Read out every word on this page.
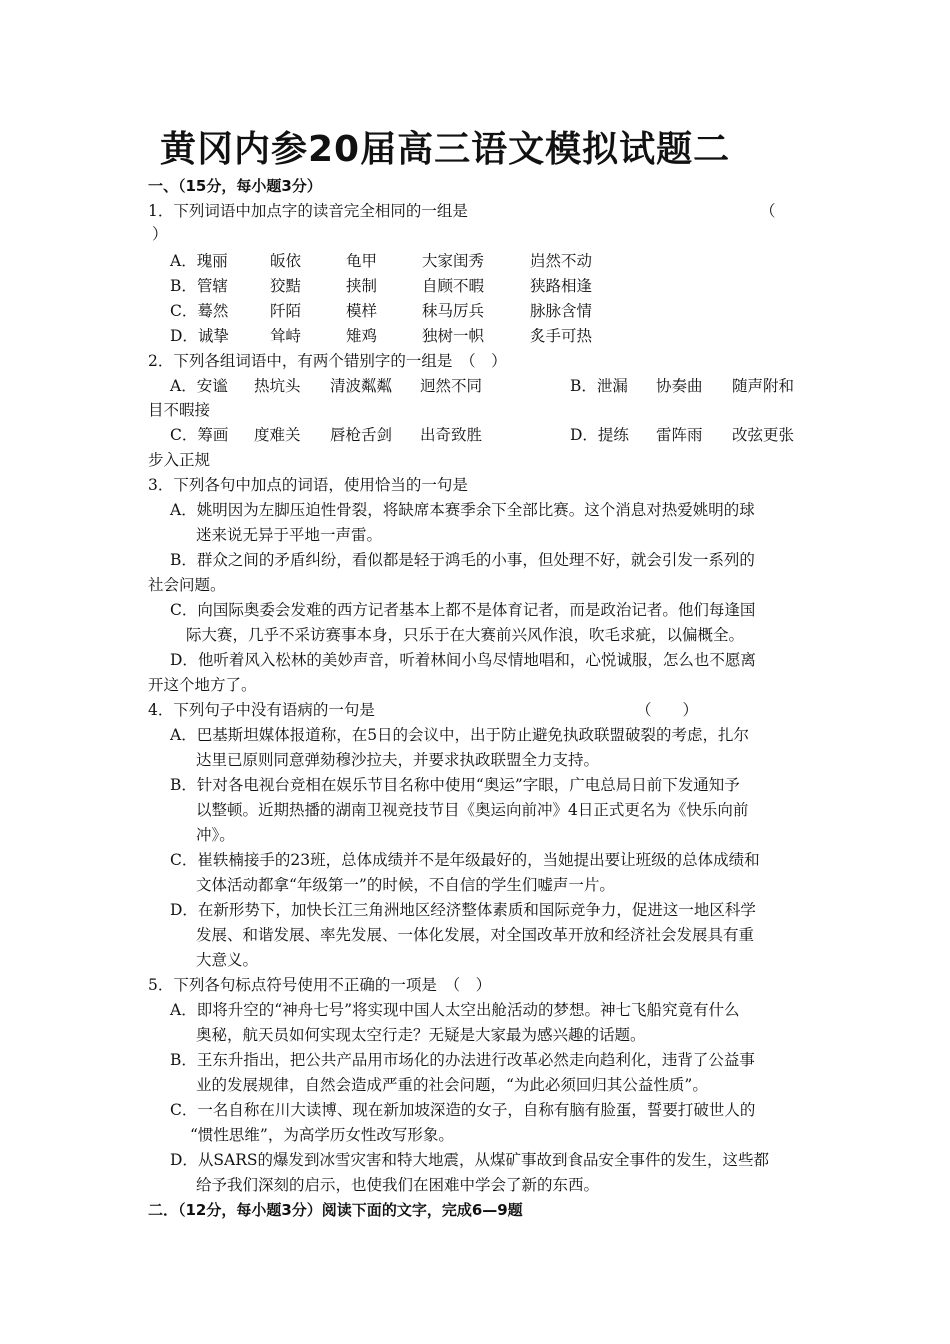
黄冈内参20届高三语文模拟试题二
一、（15分，每小题3分）
1．下列词语中加点字的读音完全相同的一组是	（
）
A．瑰丽	皈依	龟甲	大家闺秀	岿然不动
B．管辖	狡黠	挟制	自顾不暇	狭路相逢
C．蓦然	阡陌	模样	秣马厉兵	脉脉含情
D．诚挚	耸峙	雉鸡	独树一帜	炙手可热
2．下列各组词语中，有两个错别字的一组是　（　）
A．安谧 热坑头 清波粼粼 迥然不同	B．泄漏 协奏曲 随声附和
目不暇接
C．筹画 度难关 唇枪舌剑 出奇致胜	D．提练 雷阵雨 改弦更张
步入正规
3．下列各句中加点的词语，使用恰当的一句是
A．姚明因为左脚压迫性骨裂，将缺席本赛季余下全部比赛。这个消息对热爱姚明的球
迷来说无异于平地一声雷。
B．群众之间的矛盾纠纷，看似都是轻于鸿毛的小事，但处理不好，就会引发一系列的
社会问题。
C．向国际奥委会发难的西方记者基本上都不是体育记者，而是政治记者。他们每逢国
际大赛，几乎不采访赛事本身，只乐于在大赛前兴风作浪，吹毛求疵，以偏概全。
D．他听着风入松林的美妙声音，听着林间小鸟尽情地唱和，心悦诚服，怎么也不愿离
开这个地方了。
4．下列句子中没有语病的一句是	（　　）
A．巴基斯坦媒体报道称，在5日的会议中，出于防止避免执政联盟破裂的考虑，扎尔
达里已原则同意弹劾穆沙拉夫，并要求执政联盟全力支持。
B．针对各电视台竞相在娱乐节目名称中使用“奥运”字眼，广电总局日前下发通知予
以整顿。近期热播的湖南卫视竞技节目《奥运向前冲》4日正式更名为《快乐向前
冲》。
C．崔轶楠接手的23班，总体成绩并不是年级最好的，当她提出要让班级的总体成绩和
文体活动都拿“年级第一”的时候，不自信的学生们嘘声一片。
D．在新形势下，加快长江三角洲地区经济整体素质和国际竞争力，促进这一地区科学
发展、和谐发展、率先发展、一体化发展，对全国改革开放和经济社会发展具有重
大意义。
5．下列各句标点符号使用不正确的一项是　（　）
A．即将升空的“神舟七号”将实现中国人太空出舱活动的梦想。神七飞船究竟有什么
奥秘，航天员如何实现太空行走？无疑是大家最为感兴趣的话题。
B．王东升指出，把公共产品用市场化的办法进行改革必然走向趋利化，违背了公益事
业的发展规律，自然会造成严重的社会问题，“为此必须回归其公益性质”。
C．一名自称在川大读博、现在新加坡深造的女子，自称有脑有脸蛋，誓要打破世人的
“惯性思维”，为高学历女性改写形象。
D．从SARS的爆发到冰雪灾害和特大地震，从煤矿事故到食品安全事件的发生，这些都
给予我们深刻的启示，也使我们在困难中学会了新的东西。
二．（12分，每小题3分）阅读下面的文字，完成6—9题
